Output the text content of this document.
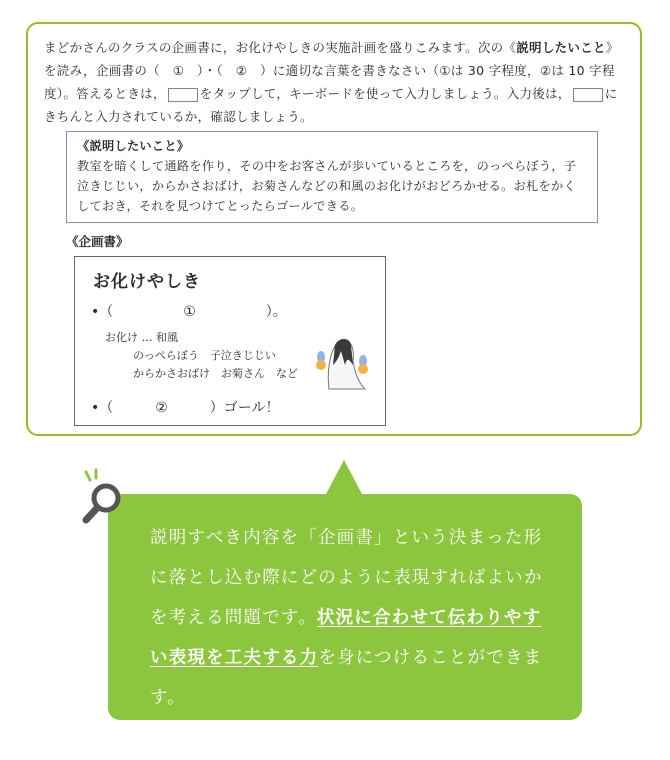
まどかさんのクラスの企画書に，お化けやしきの実施計画を盛りこみます。次の《説明したいこと》を読み，企画書の（　①　）・（　②　）に適切な言葉を書きなさい（①は 30 字程度，②は 10 字程度）。答えるときは，	をタップして，キーボードを使って入力しましょう。入力後は，	にきちんと入力されているか，確認しましょう。
《説明したいこと》
教室を暗くして通路を作り，その中をお客さんが歩いているところを，のっぺらぼう，子泣きじじい，からかさおばけ，お菊さんなどの和風のお化けがおどろかせる。お札をかくしておき，それを見つけてとったらゴールできる。
《企画書》
お化けやしき
•（　　　　　①　　　　　）。
お化け … 和風
のっぺらぼう　子泣きじじい
からかさおばけ　お菊さん　など
•（　　　②　　　）ゴール！
説明すべき内容を「企画書」という決まった形に落とし込む際にどのように表現すればよいかを考える問題です。状況に合わせて伝わりやすい表現を工夫する力を身につけることができます。
